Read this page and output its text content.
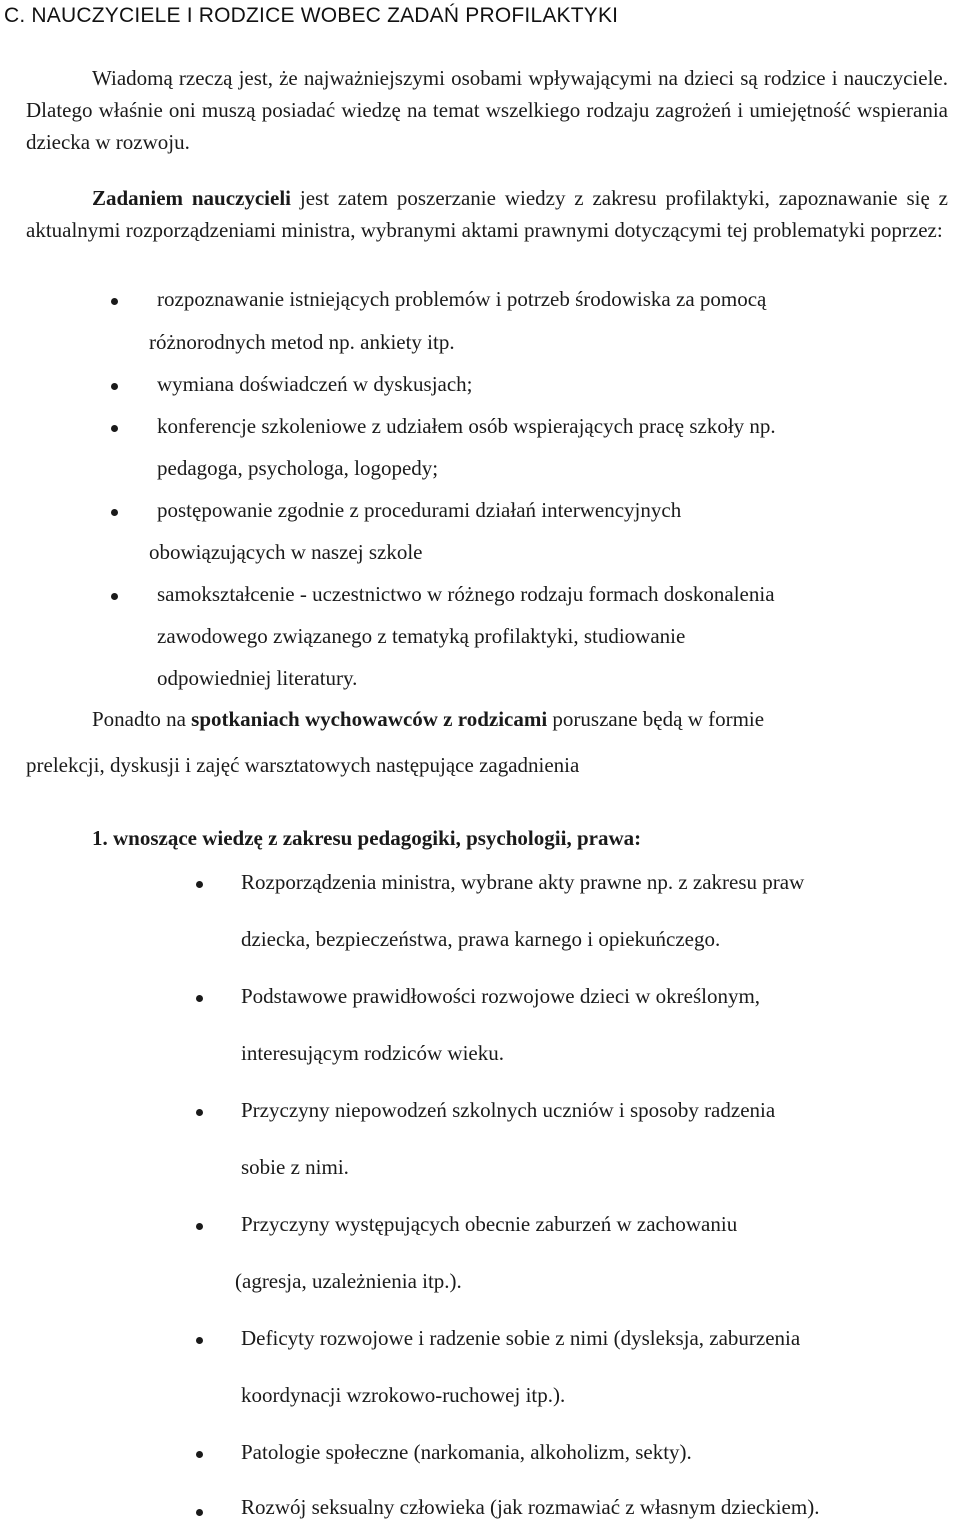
C. NAUCZYCIELE I RODZICE WOBEC ZADAŃ PROFILAKTYKI

Wiadomą rzeczą jest, że najważniejszymi osobami wpływającymi na dzieci są rodzice i nauczyciele. Dlatego właśnie oni muszą posiadać wiedzę na temat wszelkiego rodzaju zagrożeń i umiejętność wspierania dziecka w rozwoju.

Zadaniem nauczycieli jest zatem poszerzanie wiedzy z zakresu profilaktyki, zapoznawanie się z aktualnymi rozporządzeniami ministra, wybranymi aktami prawnymi dotyczącymi tej problematyki poprzez:

rozpoznawanie istniejących problemów i potrzeb środowiska za pomocą
różnorodnych metod np. ankiety itp.
wymiana doświadczeń w dyskusjach;
konferencje szkoleniowe z udziałem osób wspierających pracę szkoły np.
pedagoga, psychologa, logopedy;
postępowanie zgodnie z procedurami działań interwencyjnych
obowiązujących w naszej szkole
samokształcenie - uczestnictwo w różnego rodzaju formach doskonalenia
zawodowego związanego z tematyką profilaktyki, studiowanie
odpowiedniej literatury.
Ponadto na spotkaniach wychowawców z rodzicami poruszane będą w formie
prelekcji, dyskusji i zajęć warsztatowych następujące zagadnienia
1. wnoszące wiedzę z zakresu pedagogiki, psychologii, prawa:
Rozporządzenia ministra, wybrane akty prawne np. z zakresu praw
dziecka, bezpieczeństwa, prawa karnego i opiekuńczego.
Podstawowe prawidłowości rozwojowe dzieci w określonym,
interesującym rodziców wieku.
Przyczyny niepowodzeń szkolnych uczniów i sposoby radzenia
sobie z nimi.
Przyczyny występujących obecnie zaburzeń w zachowaniu
(agresja, uzależnienia itp.).
Deficyty rozwojowe i radzenie sobie z nimi (dysleksja, zaburzenia
koordynacji wzrokowo-ruchowej itp.).
Patologie społeczne (narkomania, alkoholizm, sekty).
Rozwój seksualny człowieka (jak rozmawiać z własnym dzieckiem).
